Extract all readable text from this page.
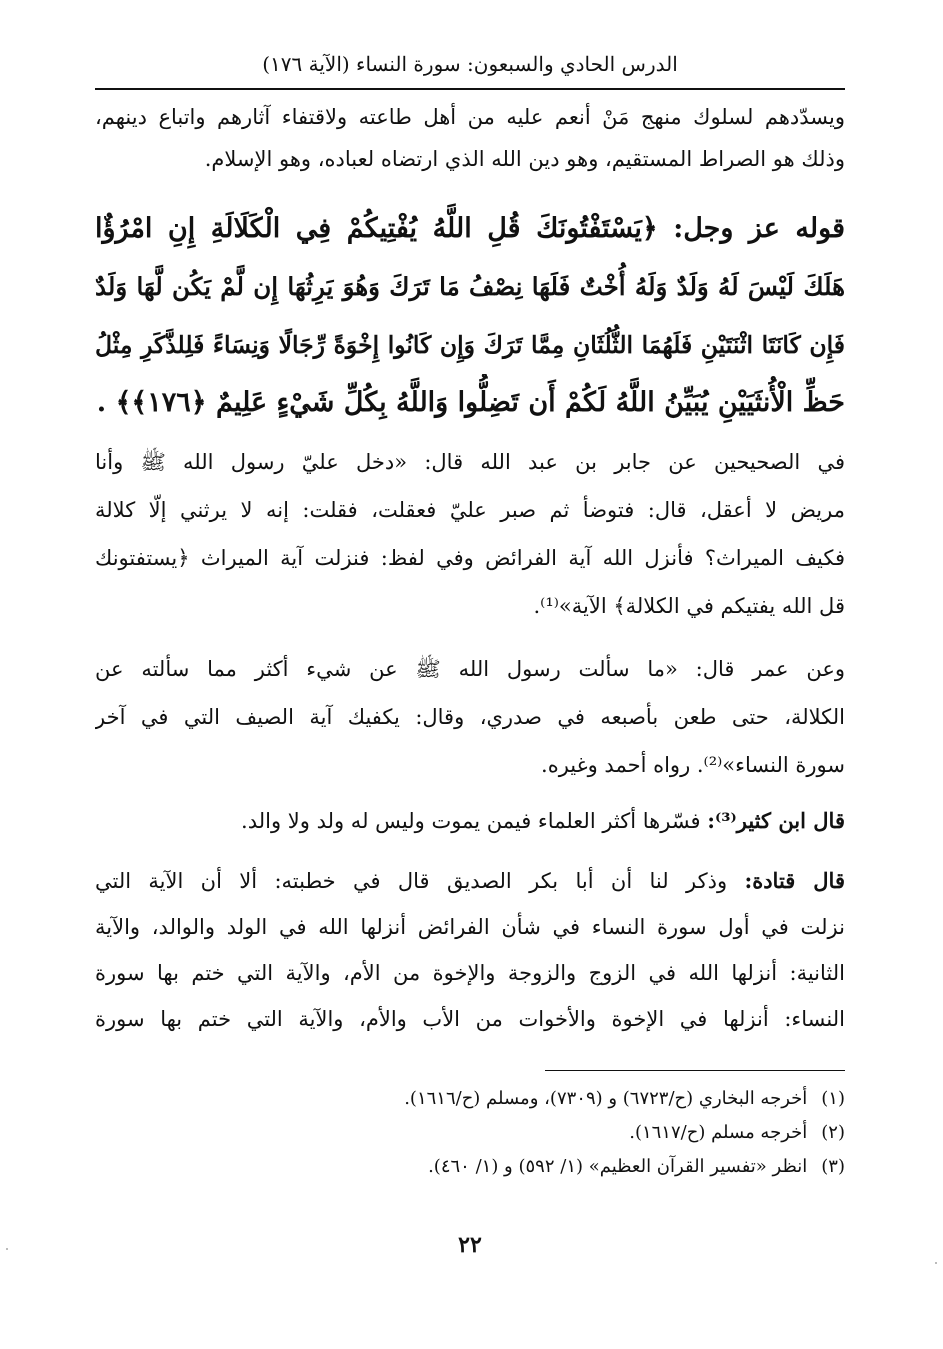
الدرس الحادي والسبعون: سورة النساء (الآية ١٧٦)
ويسدّدهم لسلوك منهج مَنْ أنعم عليه من أهل طاعته ولاقتفاء آثارهم واتباع دينهم،
وذلك هو الصراط المستقيم، وهو دين الله الذي ارتضاه لعباده، وهو الإسلام.
قوله عز وجل: ﴿يَسْتَفْتُونَكَ قُلِ اللَّهُ يُفْتِيكُمْ فِي الْكَلَالَةِ إِنِ امْرُؤٌا
هَلَكَ لَيْسَ لَهُ وَلَدٌ وَلَهُ أُخْتٌ فَلَهَا نِصْفُ مَا تَرَكَ وَهُوَ يَرِثُهَا إِن لَّمْ يَكُن لَّهَا وَلَدٌ
فَإِن كَانَتَا اثْنَتَيْنِ فَلَهُمَا الثُّلُثَانِ مِمَّا تَرَكَ وَإِن كَانُوا إِخْوَةً رِّجَالًا وَنِسَاءً فَلِلذَّكَرِ مِثْلُ
حَظِّ الْأُنثَيَيْنِ يُبَيِّنُ اللَّهُ لَكُمْ أَن تَضِلُّوا وَاللَّهُ بِكُلِّ شَيْءٍ عَلِيمٌ ﴿١٧٦﴾﴾ .
في الصحيحين عن جابر بن عبد الله قال: «دخل عليّ رسول الله ﷺ وأنا
مريض لا أعقل، قال: فتوضأ ثم صبر عليّ فعقلت، فقلت: إنه لا يرثني إلّا كلالة
فكيف الميراث؟ فأنزل الله آية الفرائض وفي لفظ: فنزلت آية الميراث ﴿يستفتونك
قل الله يفتيكم في الكلالة﴾ الآية»⁽¹⁾.
وعن عمر قال: «ما سألت رسول الله ﷺ عن شيء أكثر مما سألته عن
الكلالة، حتى طعن بأصبعه في صدري، وقال: يكفيك آية الصيف التي في آخر
سورة النساء»⁽²⁾. رواه أحمد وغيره.
قال ابن كثير⁽³⁾: فسّرها أكثر العلماء فيمن يموت وليس له ولد ولا والد.
قال قتادة: وذكر لنا أن أبا بكر الصديق قال في خطبته: ألا أن الآية التي
نزلت في أول سورة النساء في شأن الفرائض أنزلها الله في الولد والوالد، والآية
الثانية: أنزلها الله في الزوج والزوجة والإخوة من الأم، والآية التي ختم بها سورة
النساء: أنزلها في الإخوة والأخوات من الأب والأم، والآية التي ختم بها سورة
(١)أخرجه البخاري (ح/٦٧٢٣) و (٧٣٠٩)، ومسلم (ح/١٦١٦).
(٢)أخرجه مسلم (ح/١٦١٧).
(٣)انظر «تفسير القرآن العظيم» (١/ ٥٩٢) و (١/ ٤٦٠).
٢٢
